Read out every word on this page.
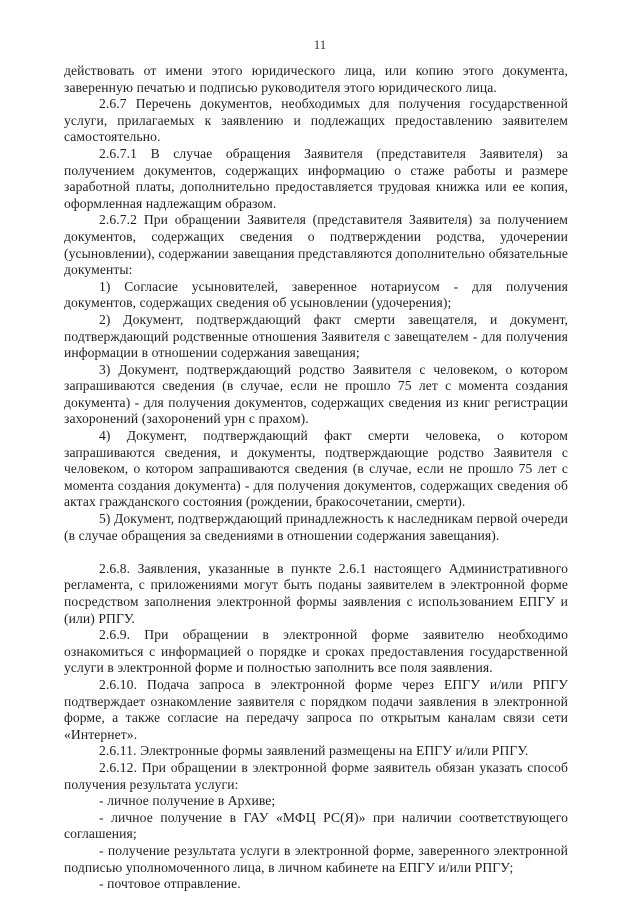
11

действовать от имени этого юридического лица, или копию этого документа, заверенную печатью и подписью руководителя этого юридического лица.

2.6.7 Перечень документов, необходимых для получения государственной услуги, прилагаемых к заявлению и подлежащих предоставлению заявителем самостоятельно.

2.6.7.1 В случае обращения Заявителя (представителя Заявителя) за получением документов, содержащих информацию о стаже работы и размере заработной платы, дополнительно предоставляется трудовая книжка или ее копия, оформленная надлежащим образом.

2.6.7.2 При обращении Заявителя (представителя Заявителя) за получением документов, содержащих сведения о подтверждении родства, удочерении (усыновлении), содержании завещания представляются дополнительно обязательные документы:

1) Согласие усыновителей, заверенное нотариусом - для получения документов, содержащих сведения об усыновлении (удочерения);

2) Документ, подтверждающий факт смерти завещателя, и документ, подтверждающий родственные отношения Заявителя с завещателем - для получения информации в отношении содержания завещания;

3) Документ, подтверждающий родство Заявителя с человеком, о котором запрашиваются сведения (в случае, если не прошло 75 лет с момента создания документа) - для получения документов, содержащих сведения из книг регистрации захоронений (захоронений урн с прахом).

4) Документ, подтверждающий факт смерти человека, о котором запрашиваются сведения, и документы, подтверждающие родство Заявителя с человеком, о котором запрашиваются сведения (в случае, если не прошло 75 лет с момента создания документа) - для получения документов, содержащих сведения об актах гражданского состояния (рождении, бракосочетании, смерти).

5) Документ, подтверждающий принадлежность к наследникам первой очереди (в случае обращения за сведениями в отношении содержания завещания).

2.6.8. Заявления, указанные в пункте 2.6.1 настоящего Административного регламента, с приложениями могут быть поданы заявителем в электронной форме посредством заполнения электронной формы заявления с использованием ЕПГУ и (или) РПГУ.

2.6.9. При обращении в электронной форме заявителю необходимо ознакомиться с информацией о порядке и сроках предоставления государственной услуги в электронной форме и полностью заполнить все поля заявления.

2.6.10. Подача запроса в электронной форме через ЕПГУ и/или РПГУ подтверждает ознакомление заявителя с порядком подачи заявления в электронной форме, а также согласие на передачу запроса по открытым каналам связи сети «Интернет».

2.6.11. Электронные формы заявлений размещены на ЕПГУ и/или РПГУ.

2.6.12. При обращении в электронной форме заявитель обязан указать способ получения результата услуги:

- личное получение в Архиве;

- личное получение в ГАУ «МФЦ РС(Я)» при наличии соответствующего соглашения;

- получение результата услуги в электронной форме, заверенного электронной подписью уполномоченного лица, в личном кабинете на ЕПГУ и/или РПГУ;

- почтовое отправление.
